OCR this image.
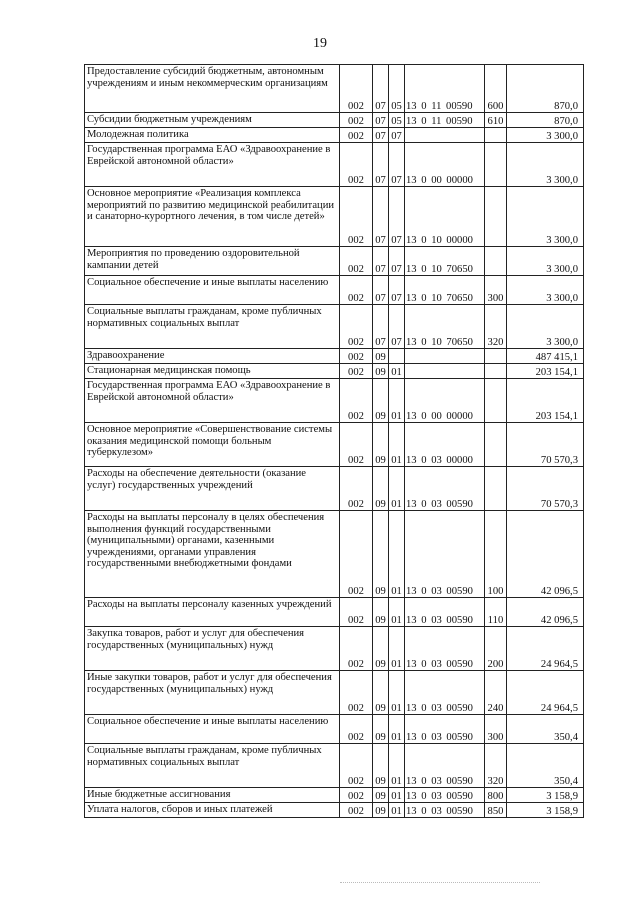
19
Предоставление субсидий бюджетным, автономным учреждениям и иным некоммерческим организациям	002	07	05	13 0 11 00590	600	870,0
Субсидии бюджетным учреждениям	002	07	05	13 0 11 00590	610	870,0
Молодежная политика	002	07	07			3 300,0
Государственная программа ЕАО «Здравоохранение в Еврейской автономной области»	002	07	07	13 0 00 00000		3 300,0
Основное мероприятие «Реализация комплекса мероприятий по развитию медицинской реабилитации и санаторно-курортного лечения, в том числе детей»	002	07	07	13 0 10 00000		3 300,0
Мероприятия по проведению оздоровительной кампании детей	002	07	07	13 0 10 70650		3 300,0
Социальное обеспечение и иные выплаты населению	002	07	07	13 0 10 70650	300	3 300,0
Социальные выплаты гражданам, кроме публичных нормативных социальных выплат	002	07	07	13 0 10 70650	320	3 300,0
Здравоохранение	002	09				487 415,1
Стационарная медицинская помощь	002	09	01			203 154,1
Государственная программа ЕАО «Здравоохранение в Еврейской автономной области»	002	09	01	13 0 00 00000		203 154,1
Основное мероприятие «Совершенствование системы оказания медицинской помощи больным туберкулезом»	002	09	01	13 0 03 00000		70 570,3
Расходы на обеспечение деятельности (оказание услуг) государственных учреждений	002	09	01	13 0 03 00590		70 570,3
Расходы на выплаты персоналу в целях обеспечения выполнения функций государственными (муниципальными) органами, казенными учреждениями, органами управления государственными внебюджетными фондами	002	09	01	13 0 03 00590	100	42 096,5
Расходы на выплаты персоналу казенных учреждений	002	09	01	13 0 03 00590	110	42 096,5
Закупка товаров, работ и услуг для обеспечения государственных (муниципальных) нужд	002	09	01	13 0 03 00590	200	24 964,5
Иные закупки товаров, работ и услуг для обеспечения государственных (муниципальных) нужд	002	09	01	13 0 03 00590	240	24 964,5
Социальное обеспечение и иные выплаты населению	002	09	01	13 0 03 00590	300	350,4
Социальные выплаты гражданам, кроме публичных нормативных социальных выплат	002	09	01	13 0 03 00590	320	350,4
Иные бюджетные ассигнования	002	09	01	13 0 03 00590	800	3 158,9
Уплата налогов, сборов и иных платежей	002	09	01	13 0 03 00590	850	3 158,9
